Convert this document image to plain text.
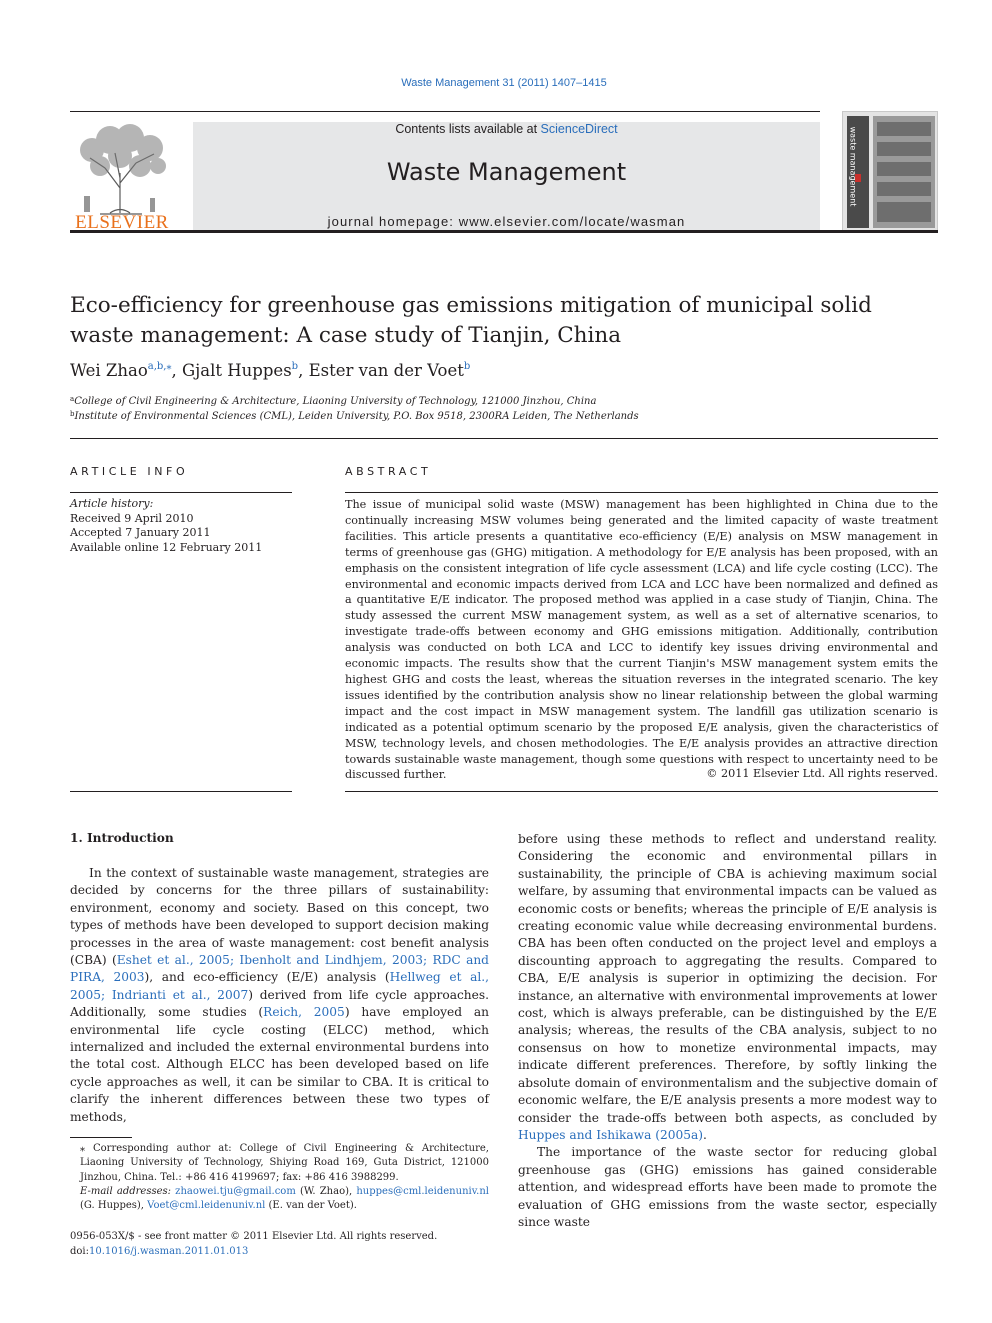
Waste Management 31 (2011) 1407–1415
ELSEVIER
Contents lists available at ScienceDirect
Waste Management
journal homepage: www.elsevier.com/locate/wasman
waste management
Eco-efficiency for greenhouse gas emissions mitigation of municipal solid waste management: A case study of Tianjin, China
Wei Zhao$^{a,b,⁎}$, Gjalt Huppes$^b$, Ester van der Voet$^b$
$^a$College of Civil Engineering & Architecture, Liaoning University of Technology, 121000 Jinzhou, China
$^b$Institute of Environmental Sciences (CML), Leiden University, P.O. Box 9518, 2300RA Leiden, The Netherlands
ARTICLE INFO
Article history:
Received 9 April 2010
Accepted 7 January 2011
Available online 12 February 2011
ABSTRACT
The issue of municipal solid waste (MSW) management has been highlighted in China due to the continually increasing MSW volumes being generated and the limited capacity of waste treatment facilities. This article presents a quantitative eco-efficiency (E/E) analysis on MSW management in terms of greenhouse gas (GHG) mitigation. A methodology for E/E analysis has been proposed, with an emphasis on the consistent integration of life cycle assessment (LCA) and life cycle costing (LCC). The environmental and economic impacts derived from LCA and LCC have been normalized and defined as a quantitative E/E indicator. The proposed method was applied in a case study of Tianjin, China. The study assessed the current MSW management system, as well as a set of alternative scenarios, to investigate trade-offs between economy and GHG emissions mitigation. Additionally, contribution analysis was conducted on both LCA and LCC to identify key issues driving environmental and economic impacts. The results show that the current Tianjin's MSW management system emits the highest GHG and costs the least, whereas the situation reverses in the integrated scenario. The key issues identified by the contribution analysis show no linear relationship between the global warming impact and the cost impact in MSW management system. The landfill gas utilization scenario is indicated as a potential optimum scenario by the proposed E/E analysis, given the characteristics of MSW, technology levels, and chosen methodologies. The E/E analysis provides an attractive direction towards sustainable waste management, though some questions with respect to uncertainty need to be discussed further.	© 2011 Elsevier Ltd. All rights reserved.
1. Introduction

In the context of sustainable waste management, strategies are decided by concerns for the three pillars of sustainability: environment, economy and society. Based on this concept, two types of methods have been developed to support decision making processes in the area of waste management: cost benefit analysis (CBA) (Eshet et al., 2005; Ibenholt and Lindhjem, 2003; RDC and PIRA, 2003), and eco-efficiency (E/E) analysis (Hellweg et al., 2005; Indrianti et al., 2007) derived from life cycle approaches. Additionally, some studies (Reich, 2005) have employed an environmental life cycle costing (ELCC) method, which internalized and included the external environmental burdens into the total cost. Although ELCC has been developed based on life cycle approaches as well, it can be similar to CBA. It is critical to clarify the inherent differences between these two types of methods,

before using these methods to reflect and understand reality. Considering the economic and environmental pillars in sustainability, the principle of CBA is achieving maximum social welfare, by assuming that environmental impacts can be valued as economic costs or benefits; whereas the principle of E/E analysis is creating economic value while decreasing environmental burdens. CBA has been often conducted on the project level and employs a discounting approach to aggregating the results. Compared to CBA, E/E analysis is superior in optimizing the decision. For instance, an alternative with environmental improvements at lower cost, which is always preferable, can be distinguished by the E/E analysis; whereas, the results of the CBA analysis, subject to no consensus on how to monetize environmental impacts, may indicate different preferences. Therefore, by softly linking the absolute domain of environmentalism and the subjective domain of economic welfare, the E/E analysis presents a more modest way to consider the trade-offs between both aspects, as concluded by Huppes and Ishikawa (2005a).

The importance of the waste sector for reducing global greenhouse gas (GHG) emissions has gained considerable attention, and widespread efforts have been made to promote the evaluation of GHG emissions from the waste sector, especially since waste

⁎ Corresponding author at: College of Civil Engineering & Architecture, Liaoning University of Technology, Shiying Road 169, Guta District, 121000 Jinzhou, China. Tel.: +86 416 4199697; fax: +86 416 3988299.
E-mail addresses: zhaowei.tju@gmail.com (W. Zhao), huppes@cml.leidenuniv.nl (G. Huppes), Voet@cml.leidenuniv.nl (E. van der Voet).
0956-053X/$ - see front matter © 2011 Elsevier Ltd. All rights reserved.
doi:10.1016/j.wasman.2011.01.013
